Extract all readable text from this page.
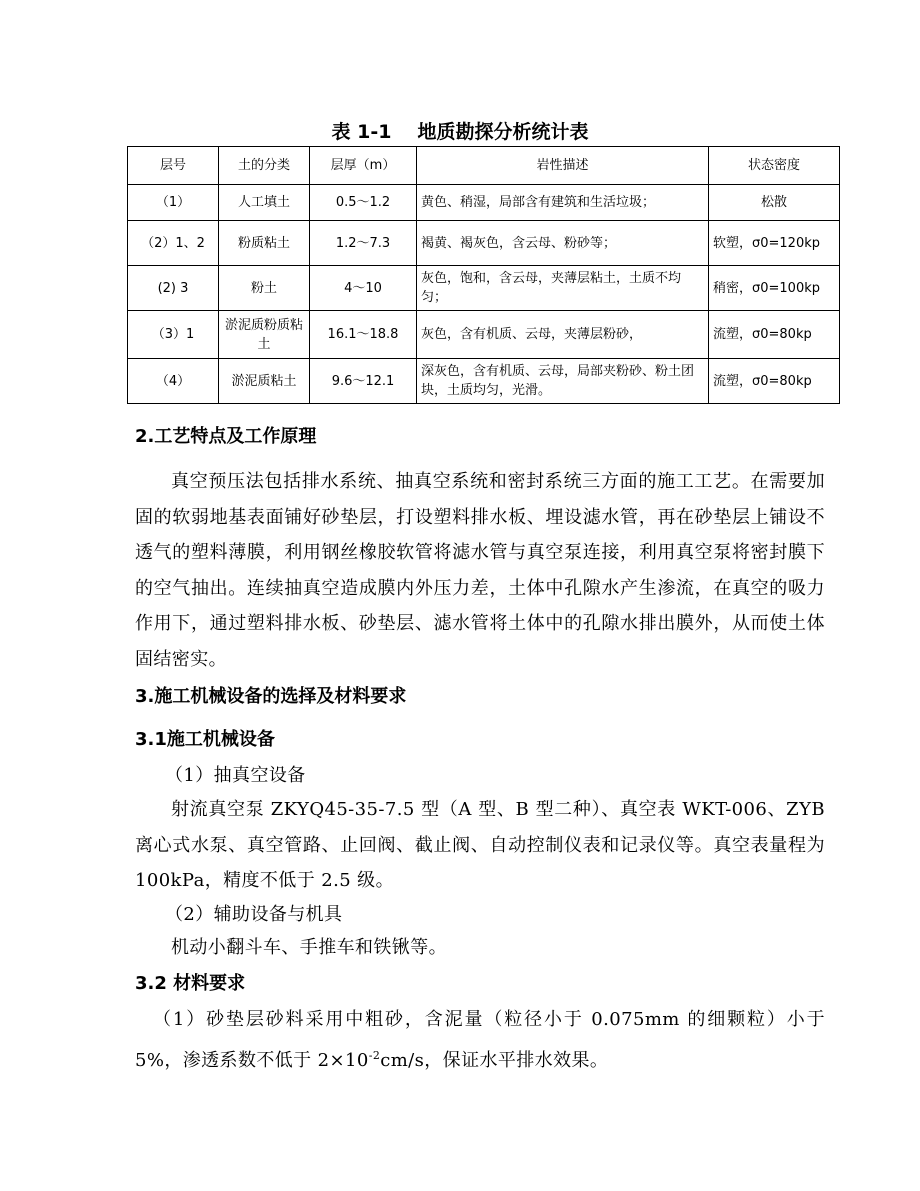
表 1-1 地质勘探分析统计表
层号	土的分类	层厚（m）	岩性描述	状态密度
（1）	人工填土	0.5～1.2	黄色、稍湿，局部含有建筑和生活垃圾；	松散
（2）1、2	粉质粘土	1.2～7.3	褐黄、褐灰色，含云母、粉砂等；	软塑，σ0=120kp
(2) 3	粉土	4～10	灰色，饱和，含云母，夹薄层粘土，土质不均匀；	稍密，σ0=100kp
（3）1	淤泥质粉质粘土	16.1～18.8	灰色，含有机质、云母，夹薄层粉砂，	流塑，σ0=80kp
（4）	淤泥质粘土	9.6～12.1	深灰色，含有机质、云母，局部夹粉砂、粉土团块，土质均匀，光滑。	流塑，σ0=80kp
2.工艺特点及工作原理

真空预压法包括排水系统、抽真空系统和密封系统三方面的施工工艺。在需要加固的软弱地基表面铺好砂垫层，打设塑料排水板、埋设滤水管，再在砂垫层上铺设不透气的塑料薄膜，利用钢丝橡胶软管将滤水管与真空泵连接，利用真空泵将密封膜下的空气抽出。连续抽真空造成膜内外压力差，土体中孔隙水产生渗流，在真空的吸力作用下，通过塑料排水板、砂垫层、滤水管将土体中的孔隙水排出膜外，从而使土体固结密实。

3.施工机械设备的选择及材料要求
3.1施工机械设备

（1）抽真空设备

射流真空泵 ZKYQ45-35-7.5 型（A 型、B 型二种）、真空表 WKT-006、ZYB 离心式水泵、真空管路、止回阀、截止阀、自动控制仪表和记录仪等。真空表量程为 100kPa，精度不低于 2.5 级。

（2）辅助设备与机具

机动小翻斗车、手推车和铁锹等。

3.2 材料要求

（1）砂垫层砂料采用中粗砂，含泥量（粒径小于 0.075mm 的细颗粒）小于 5%，渗透系数不低于 $2\times 10^{-2}cm/s$，保证水平排水效果。
